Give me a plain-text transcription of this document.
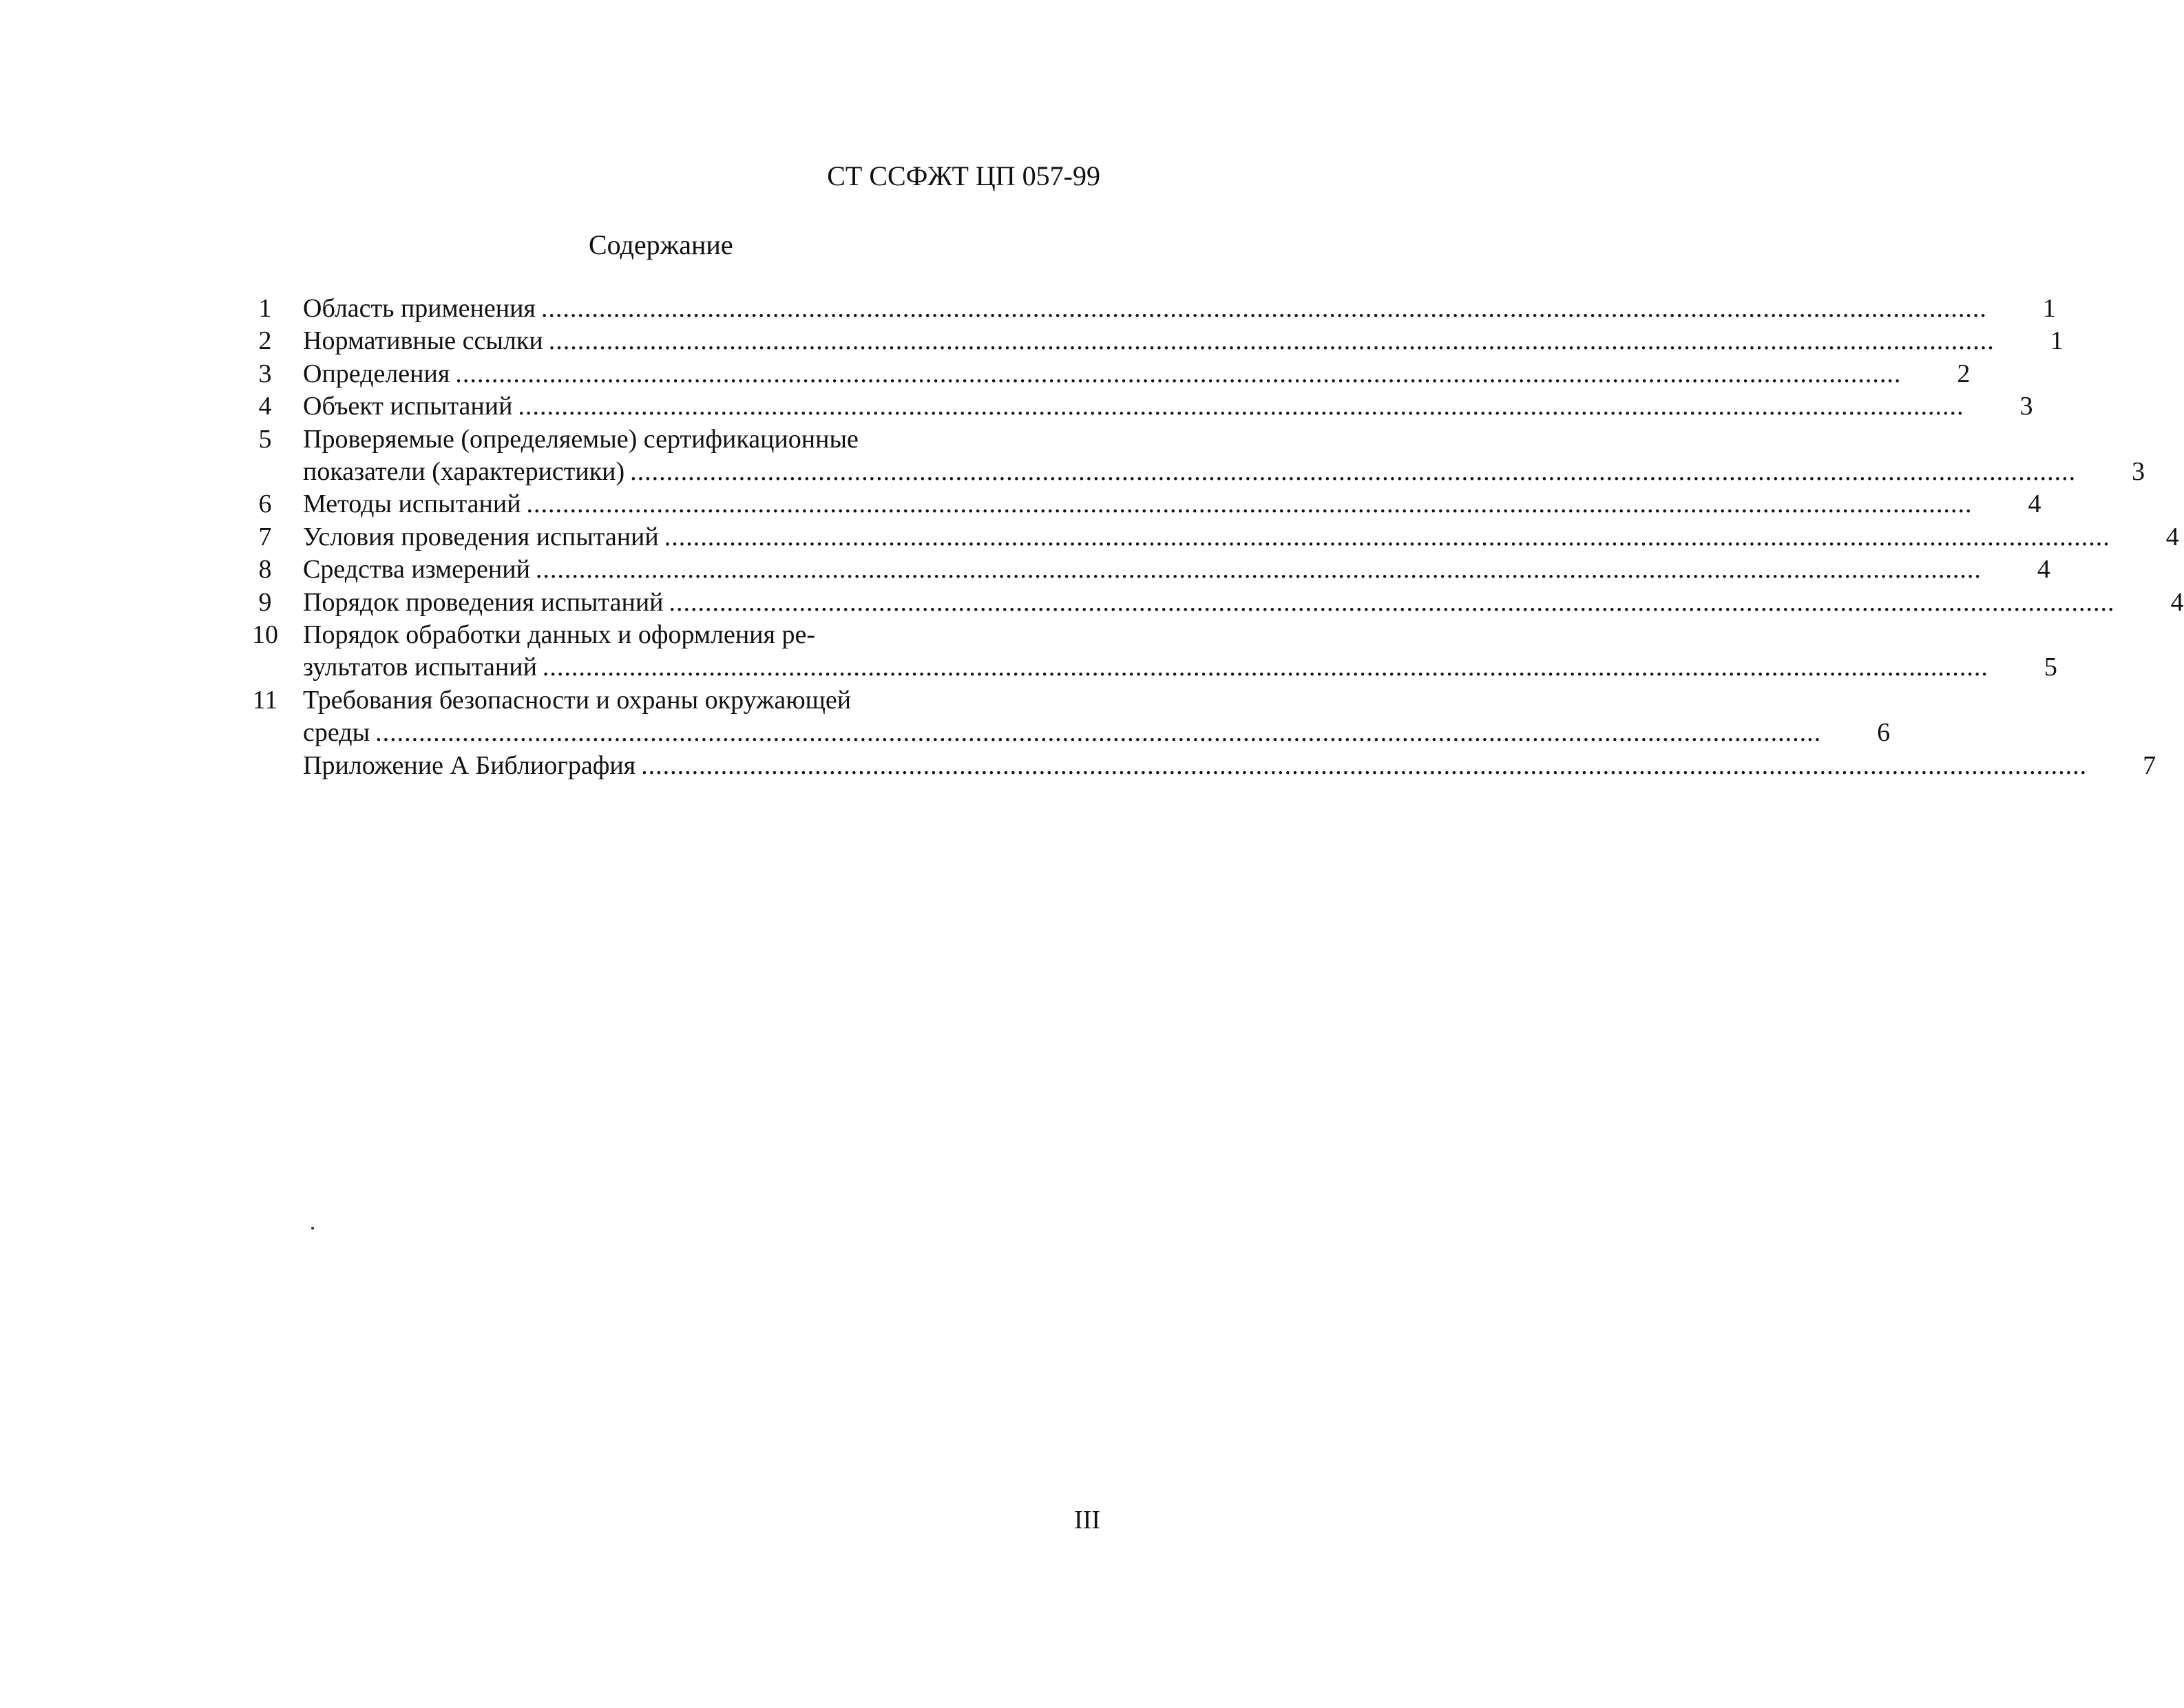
СТ ССФЖТ ЦП 057-99
Содержание
1	Область применения ........................................................................................................................................................................................................	1
2	Нормативные ссылки ........................................................................................................................................................................................................	1
3	Определения ........................................................................................................................................................................................................	2
4	Объект испытаний ........................................................................................................................................................................................................	3
5	Проверяемые (определяемые) сертификационные
показатели (характеристики) ........................................................................................................................................................................................................	3
6	Методы испытаний ........................................................................................................................................................................................................	4
7	Условия проведения испытаний ........................................................................................................................................................................................................	4
8	Средства измерений ........................................................................................................................................................................................................	4
9	Порядок проведения испытаний ........................................................................................................................................................................................................	4
10 Порядок обработки данных и оформления ре-
зультатов испытаний ........................................................................................................................................................................................................	5
11 Требования безопасности и охраны окружающей
среды ........................................................................................................................................................................................................	6
Приложение А Библиография ........................................................................................................................................................................................................	7
III
